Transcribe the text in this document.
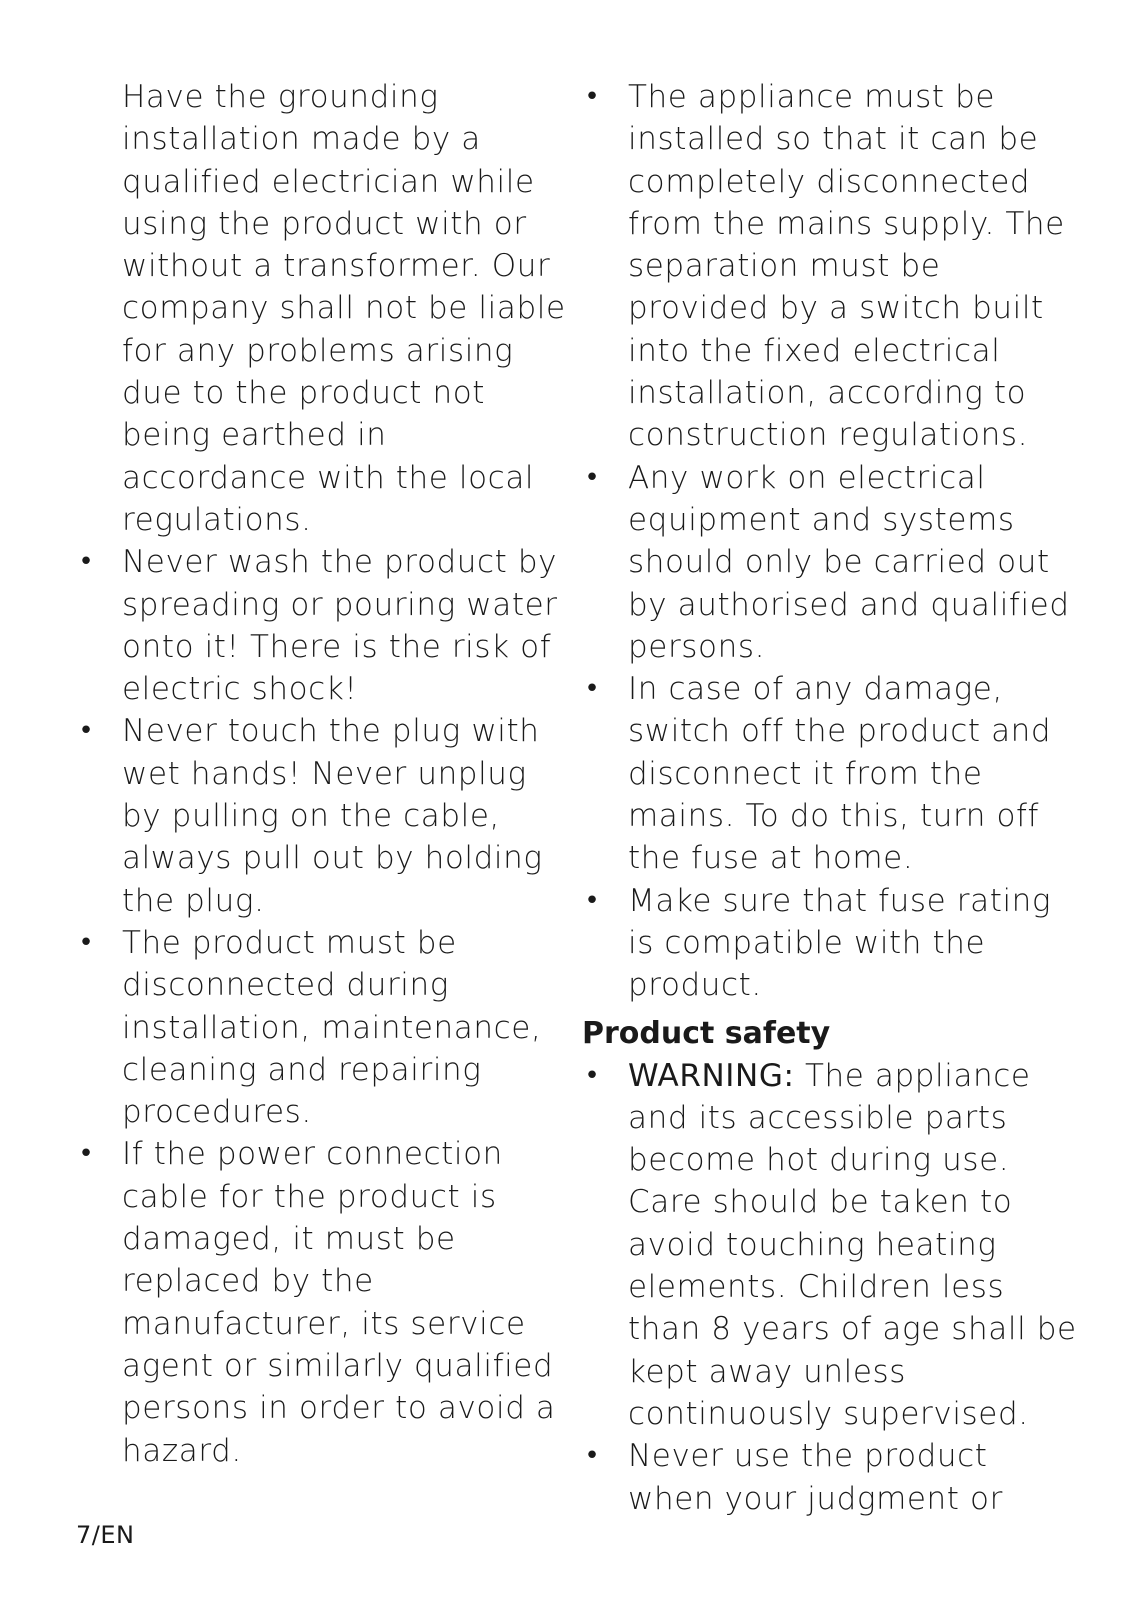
Have the grounding
installation made by a
qualified electrician while
using the product with or
without a transformer. Our
company shall not be liable
for any problems arising
due to the product not
being earthed in
accordance with the local
regulations.
• Never wash the product by
spreading or pouring water
onto it! There is the risk of
electric shock!
• Never touch the plug with
wet hands! Never unplug
by pulling on the cable,
always pull out by holding
the plug.
• The product must be
disconnected during
installation, maintenance,
cleaning and repairing
procedures.
• If the power connection
cable for the product is
damaged, it must be
replaced by the
manufacturer, its service
agent or similarly qualified
persons in order to avoid a
hazard.
• The appliance must be
installed so that it can be
completely disconnected
from the mains supply. The
separation must be
provided by a switch built
into the fixed electrical
installation, according to
construction regulations.
• Any work on electrical
equipment and systems
should only be carried out
by authorised and qualified
persons.
• In case of any damage,
switch off the product and
disconnect it from the
mains. To do this, turn off
the fuse at home.
• Make sure that fuse rating
is compatible with the
product.
Product safety
• WARNING: The appliance
and its accessible parts
become hot during use.
Care should be taken to
avoid touching heating
elements. Children less
than 8 years of age shall be
kept away unless
continuously supervised.
• Never use the product
when your judgment or
7/EN
